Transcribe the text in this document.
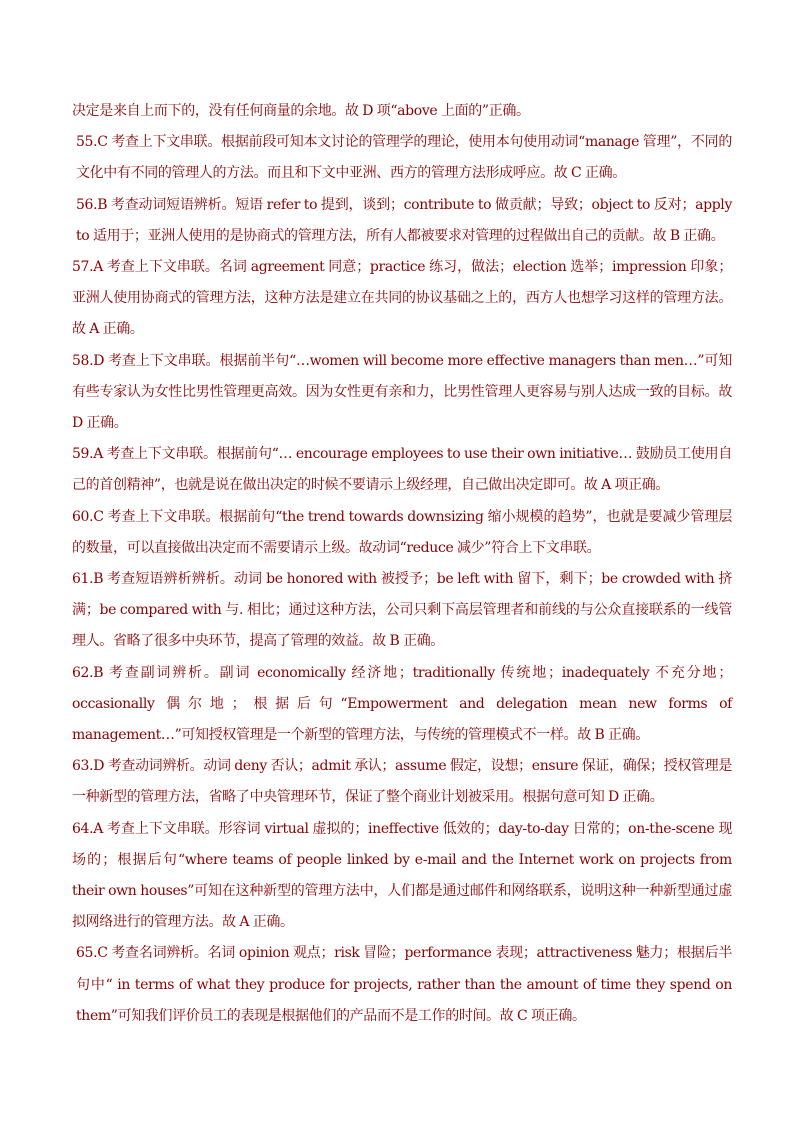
决定是来自上而下的，没有任何商量的余地。故 D 项“above 上面的”正确。

55.C 考查上下文串联。根据前段可知本文讨论的管理学的理论，使用本句使用动词“manage 管理”，不同的文化中有不同的管理人的方法。而且和下文中亚洲、西方的管理方法形成呼应。故 C 正确。

56.B 考查动词短语辨析。短语 refer to 提到，谈到；contribute to 做贡献；导致；object to 反对；apply to 适用于；亚洲人使用的是协商式的管理方法，所有人都被要求对管理的过程做出自己的贡献。故 B 正确。

57.A 考查上下文串联。名词 agreement 同意；practice 练习，做法；election 选举；impression 印象；亚洲人使用协商式的管理方法，这种方法是建立在共同的协议基础之上的，西方人也想学习这样的管理方法。故 A 正确。

58.D 考查上下文串联。根据前半句“…women will become more effective managers than men…”可知有些专家认为女性比男性管理更高效。因为女性更有亲和力，比男性管理人更容易与别人达成一致的目标。故 D 正确。

59.A 考查上下文串联。根据前句“… encourage employees to use their own initiative… 鼓励员工使用自己的首创精神”，也就是说在做出决定的时候不要请示上级经理，自己做出决定即可。故 A 项正确。

60.C 考查上下文串联。根据前句“the trend towards downsizing 缩小规模的趋势”，也就是要减少管理层的数量，可以直接做出决定而不需要请示上级。故动词“reduce 减少”符合上下文串联。

61.B 考查短语辨析辨析。动词 be honored with 被授予；be left with 留下，剩下；be crowded with 挤满；be compared with 与. 相比；通过这种方法，公司只剩下高层管理者和前线的与公众直接联系的一线管理人。省略了很多中央环节，提高了管理的效益。故 B 正确。

62.B 考查副词辨析。副词 economically 经济地；traditionally 传统地；inadequately 不充分地；occasionally 偶尔地；根据后句“Empowerment and delegation mean new forms of management…”可知授权管理是一个新型的管理方法，与传统的管理模式不一样。故 B 正确。

63.D 考查动词辨析。动词 deny 否认；admit 承认；assume 假定，设想；ensure 保证，确保；授权管理是一种新型的管理方法，省略了中央管理环节，保证了整个商业计划被采用。根据句意可知 D 正确。

64.A 考查上下文串联。形容词 virtual 虚拟的；ineffective 低效的；day-to-day 日常的；on-the-scene 现场的；根据后句“where teams of people linked by e-mail and the Internet work on projects from their own houses”可知在这种新型的管理方法中，人们都是通过邮件和网络联系，说明这种一种新型通过虚拟网络进行的管理方法。故 A 正确。

65.C 考查名词辨析。名词 opinion 观点；risk 冒险；performance 表现；attractiveness 魅力；根据后半句中“ in terms of what they produce for projects, rather than the amount of time they spend on them”可知我们评价员工的表现是根据他们的产品而不是工作的时间。故 C 项正确。
